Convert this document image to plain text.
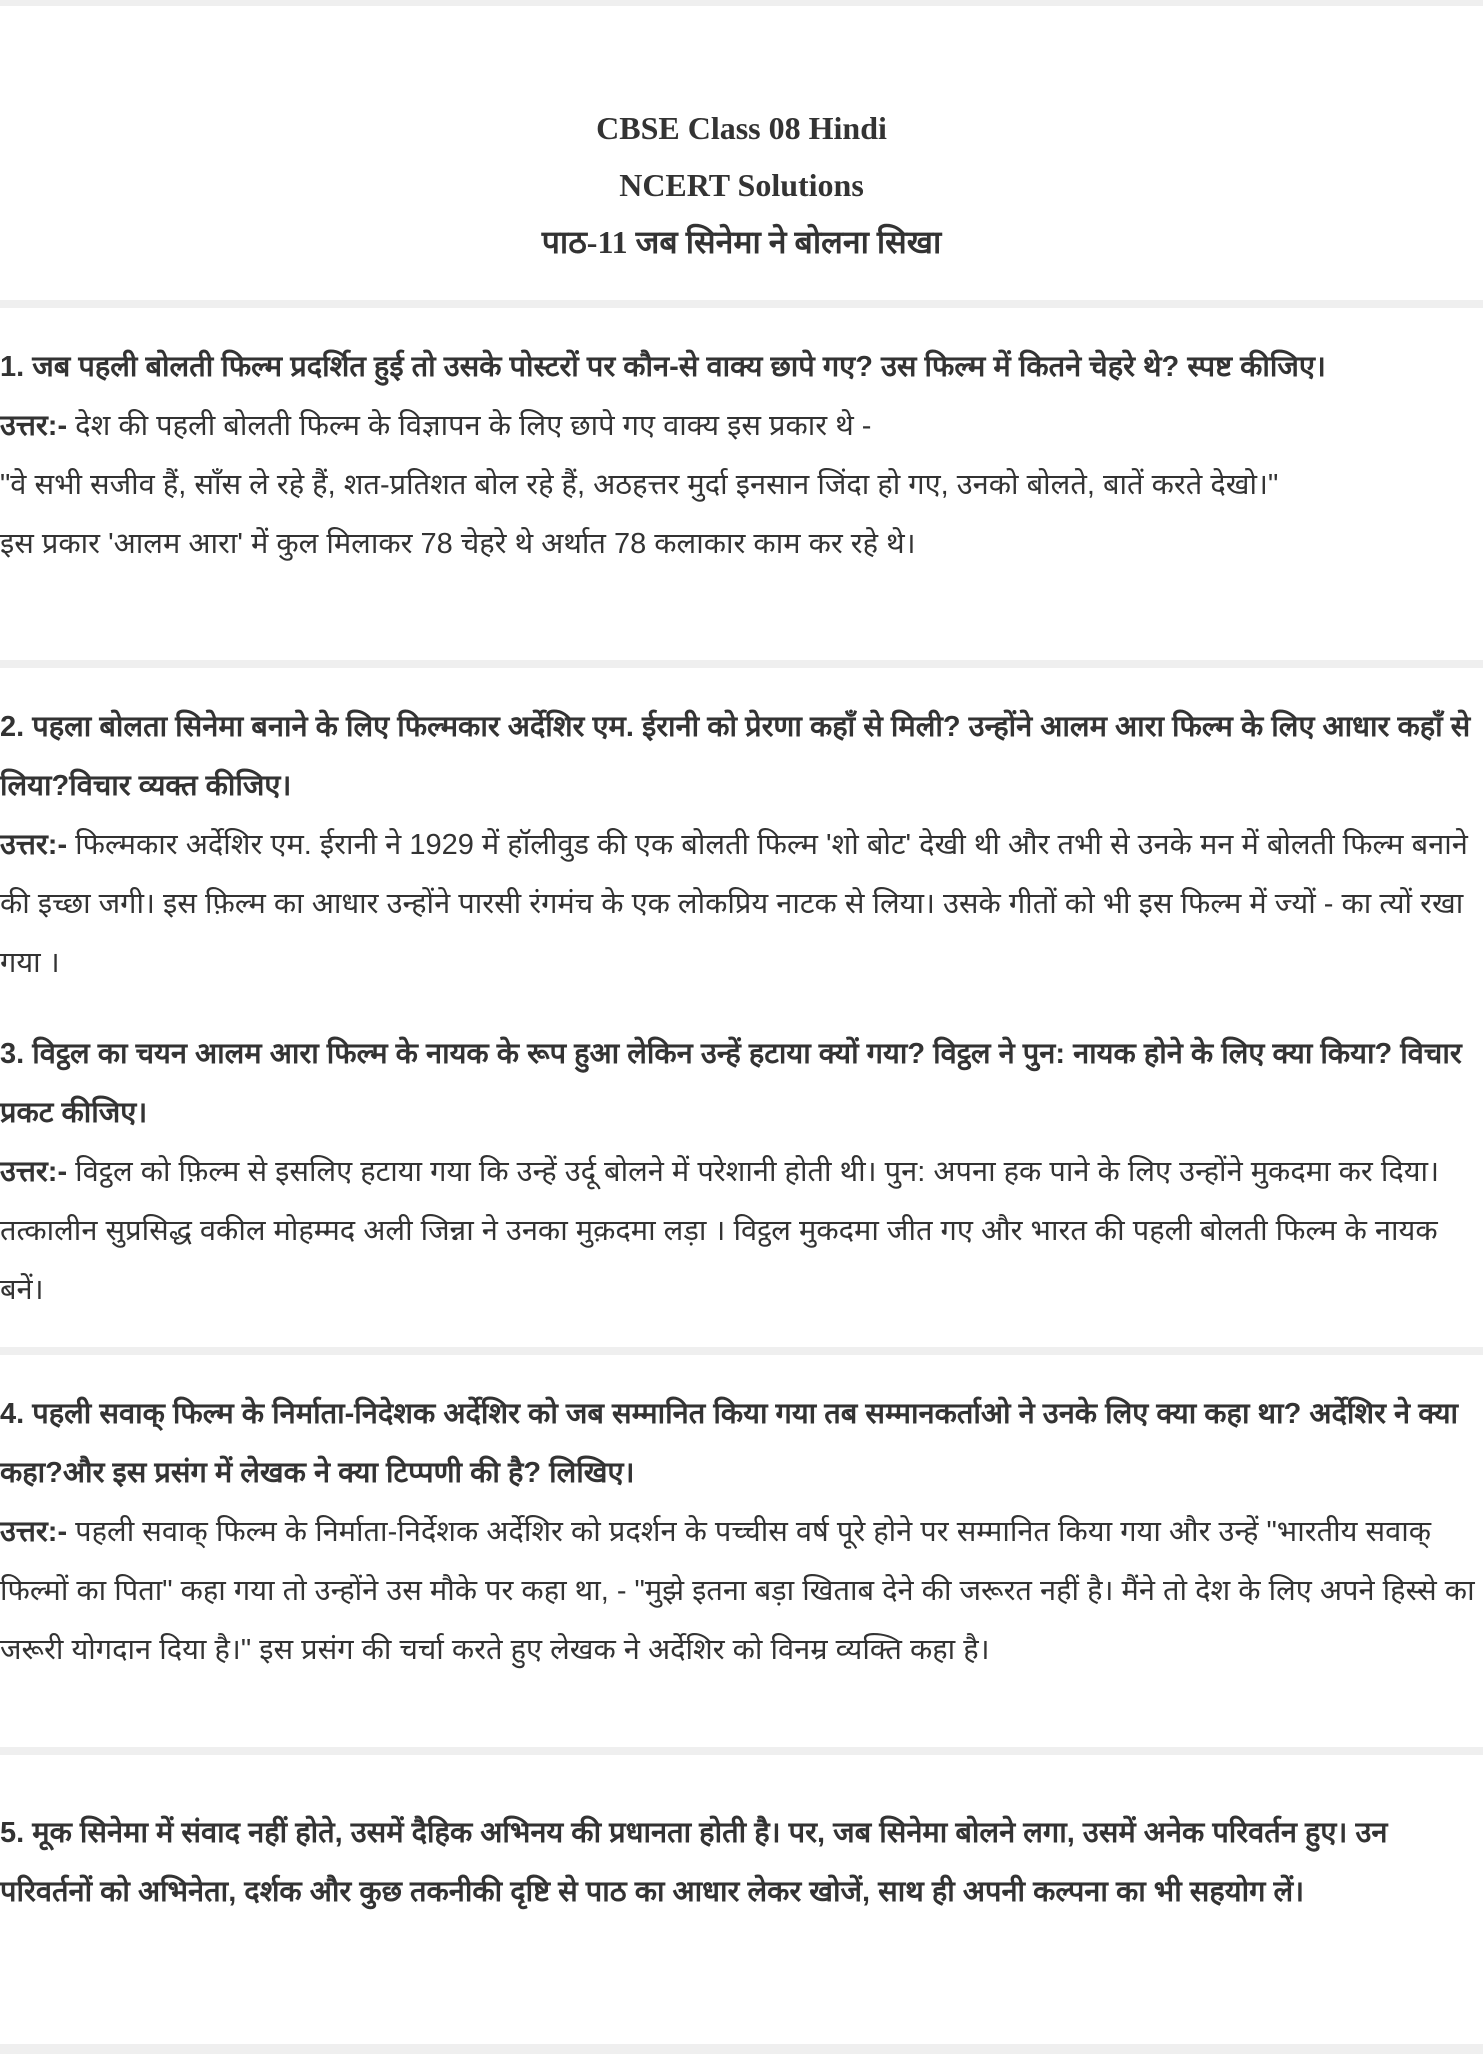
CBSE Class 08 Hindi
NCERT Solutions
पाठ-11 जब सिनेमा ने बोलना सिखा

1. जब पहली बोलती फिल्म प्रदर्शित हुई तो उसके पोस्टरों पर कौन-से वाक्य छापे गए? उस फिल्म में कितने चेहरे थे? स्पष्ट कीजिए।

उत्तर:- देश की पहली बोलती फिल्म के विज्ञापन के लिए छापे गए वाक्य इस प्रकार थे -

"वे सभी सजीव हैं, साँस ले रहे हैं, शत-प्रतिशत बोल रहे हैं, अठहत्तर मुर्दा इनसान जिंदा हो गए, उनको बोलते, बातें करते देखो।"

इस प्रकार 'आलम आरा' में कुल मिलाकर 78 चेहरे थे अर्थात 78 कलाकार काम कर रहे थे।

2. पहला बोलता सिनेमा बनाने के लिए फिल्मकार अर्देशिर एम. ईरानी को प्रेरणा कहाँ से मिली? उन्होंने आलम आरा फिल्म के लिए आधार कहाँ से लिया?विचार व्यक्त कीजिए।

उत्तर:- फिल्मकार अर्देशिर एम. ईरानी ने 1929 में हॉलीवुड की एक बोलती फिल्म 'शो बोट' देखी थी और तभी से उनके मन में बोलती फिल्म बनाने की इच्छा जगी। इस फ़िल्म का आधार उन्होंने पारसी रंगमंच के एक लोकप्रिय नाटक से लिया। उसके गीतों को भी इस फिल्म में ज्यों - का त्यों रखा गया ।

3. विट्ठल का चयन आलम आरा फिल्म के नायक के रूप हुआ लेकिन उन्हें हटाया क्यों गया? विट्ठल ने पुन: नायक होने के लिए क्या किया? विचार प्रकट कीजिए।

उत्तर:- विट्ठल को फ़िल्म से इसलिए हटाया गया कि उन्हें उर्दू बोलने में परेशानी होती थी। पुन: अपना हक पाने के लिए उन्होंने मुकदमा कर दिया। तत्कालीन सुप्रसिद्ध वकील मोहम्मद अली जिन्ना ने उनका मुक़दमा लड़ा । विट्ठल मुकदमा जीत गए और भारत की पहली बोलती फिल्म के नायक बनें।

4. पहली सवाक् फिल्म के निर्माता-निदेशक अर्देशिर को जब सम्मानित किया गया तब सम्मानकर्ताओ ने उनके लिए क्या कहा था? अर्देशिर ने क्या कहा?और इस प्रसंग में लेखक ने क्या टिप्पणी की है? लिखिए।

उत्तर:- पहली सवाक् फिल्म के निर्माता-निर्देशक अर्देशिर को प्रदर्शन के पच्चीस वर्ष पूरे होने पर सम्मानित किया गया और उन्हें "भारतीय सवाक् फिल्मों का पिता" कहा गया तो उन्होंने उस मौके पर कहा था, - "मुझे इतना बड़ा खिताब देने की जरूरत नहीं है। मैंने तो देश के लिए अपने हिस्से का जरूरी योगदान दिया है।" इस प्रसंग की चर्चा करते हुए लेखक ने अर्देशिर को विनम्र व्यक्ति कहा है।

5. मूक सिनेमा में संवाद नहीं होते, उसमें दैहिक अभिनय की प्रधानता होती है। पर, जब सिनेमा बोलने लगा, उसमें अनेक परिवर्तन हुए। उन परिवर्तनों को अभिनेता, दर्शक और कुछ तकनीकी दृष्टि से पाठ का आधार लेकर खोजें, साथ ही अपनी कल्पना का भी सहयोग लें।
